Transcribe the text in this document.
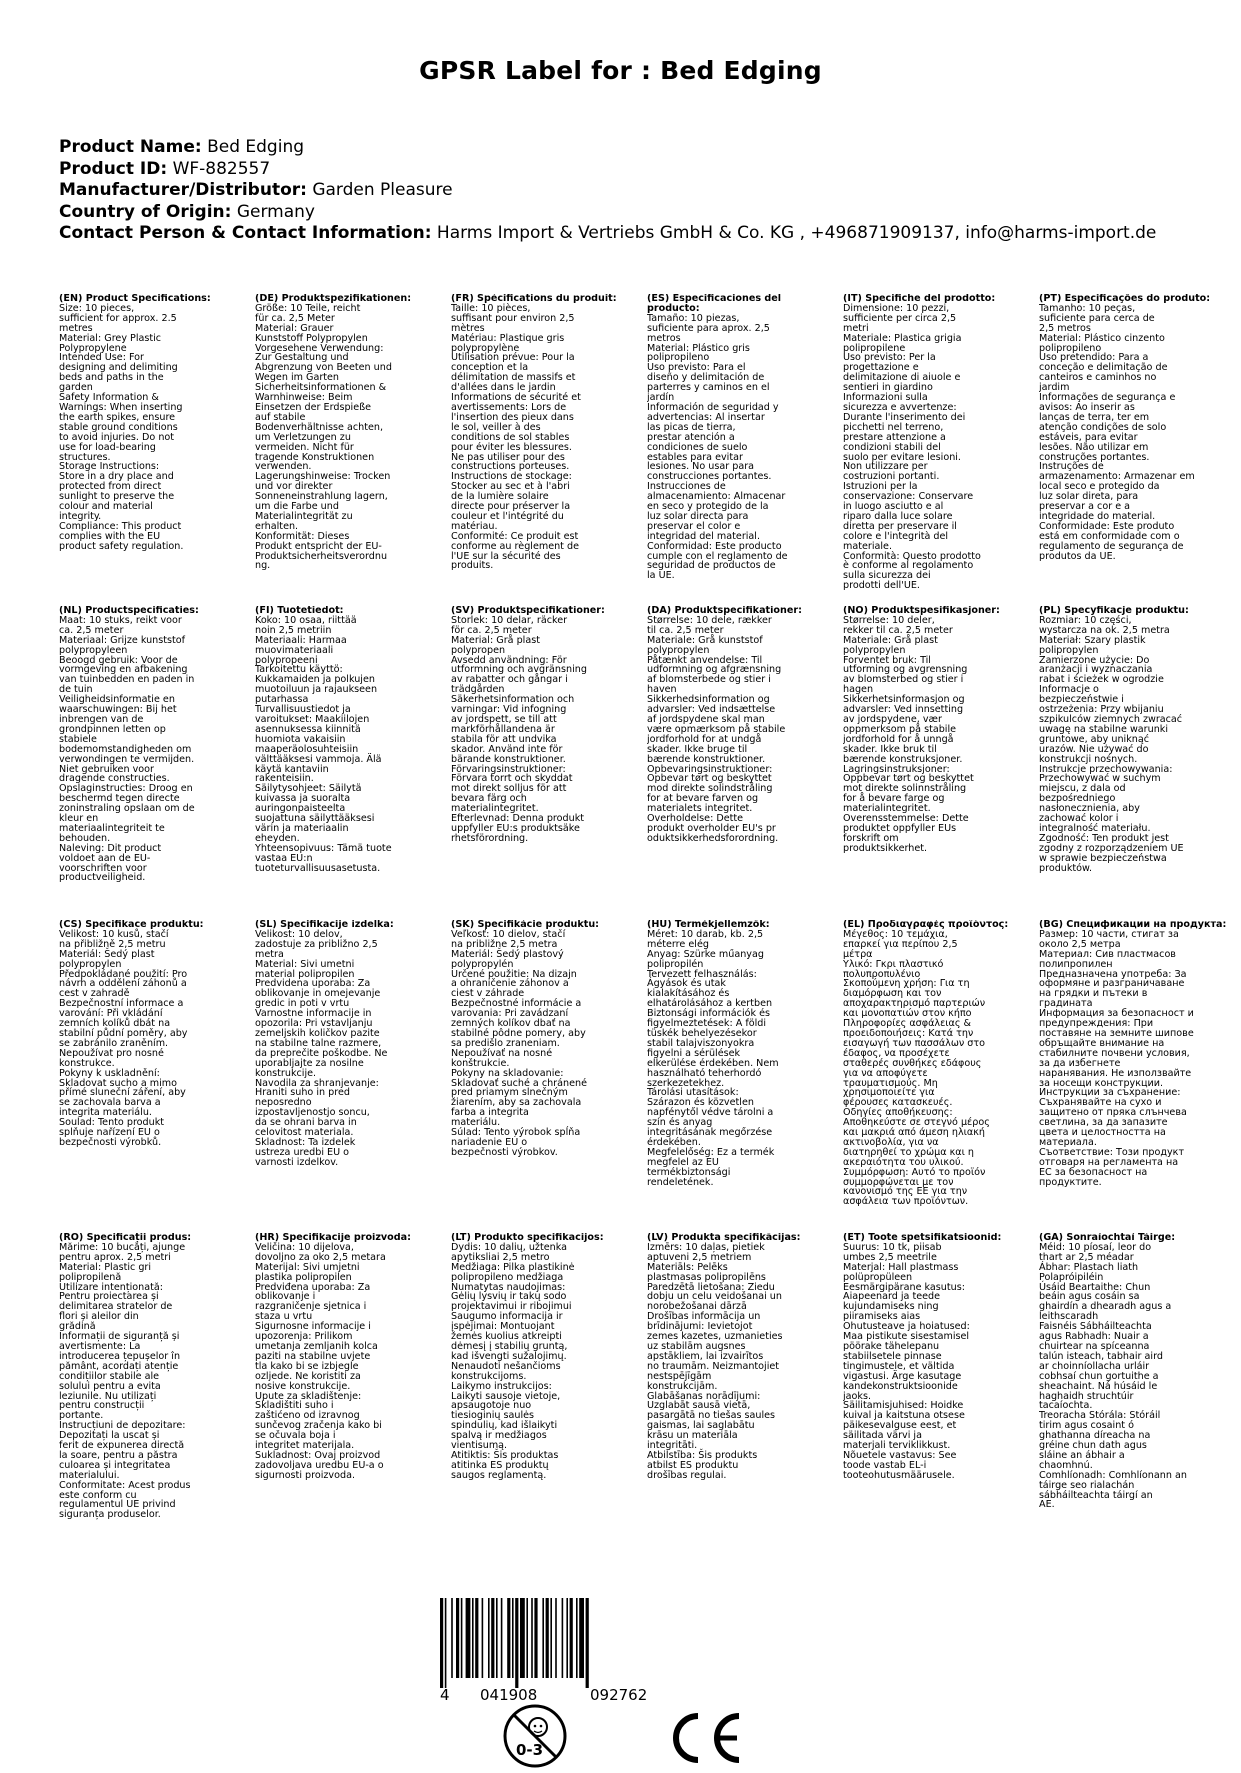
GPSR Label for : Bed Edging
Product Name: Bed Edging
Product ID: WF-882557
Manufacturer/Distributor: Garden Pleasure
Country of Origin: Germany
Contact Person & Contact Information: Harms Import & Vertriebs GmbH & Co. KG , +496871909137, info@harms-import.de
(EN) Product Specifications:
Size: 10 pieces,
sufficient for approx. 2.5
metres
Material: Grey Plastic
Polypropylene
Intended Use: For
designing and delimiting
beds and paths in the
garden
Safety Information &
Warnings: When inserting
the earth spikes, ensure
stable ground conditions
to avoid injuries. Do not
use for load-bearing
structures.
Storage Instructions:
Store in a dry place and
protected from direct
sunlight to preserve the
colour and material
integrity.
Compliance: This product
complies with the EU
product safety regulation.
(DE) Produktspezifikationen:
Größe: 10 Teile, reicht
für ca. 2,5 Meter
Material: Grauer
Kunststoff Polypropylen
Vorgesehene Verwendung:
Zur Gestaltung und
Abgrenzung von Beeten und
Wegen im Garten
Sicherheitsinformationen &
Warnhinweise: Beim
Einsetzen der Erdspieße
auf stabile
Bodenverhältnisse achten,
um Verletzungen zu
vermeiden. Nicht für
tragende Konstruktionen
verwenden.
Lagerungshinweise: Trocken
und vor direkter
Sonneneinstrahlung lagern,
um die Farbe und
Materialintegrität zu
erhalten.
Konformität: Dieses
Produkt entspricht der EU-
Produktsicherheitsverordnu
ng.
(FR) Spécifications du produit:
Taille: 10 pièces,
suffisant pour environ 2,5
mètres
Matériau: Plastique gris
polypropylène
Utilisation prévue: Pour la
conception et la
délimitation de massifs et
d'allées dans le jardin
Informations de sécurité et
avertissements: Lors de
l'insertion des pieux dans
le sol, veiller à des
conditions de sol stables
pour éviter les blessures.
Ne pas utiliser pour des
constructions porteuses.
Instructions de stockage:
Stocker au sec et à l'abri
de la lumière solaire
directe pour préserver la
couleur et l'intégrité du
matériau.
Conformité: Ce produit est
conforme au règlement de
l'UE sur la sécurité des
produits.
(ES) Especificaciones del producto:
Tamaño: 10 piezas,
suficiente para aprox. 2,5
metros
Material: Plástico gris
polipropileno
Uso previsto: Para el
diseño y delimitación de
parterres y caminos en el
jardín
Información de seguridad y
advertencias: Al insertar
las picas de tierra,
prestar atención a
condiciones de suelo
estables para evitar
lesiones. No usar para
construcciones portantes.
Instrucciones de
almacenamiento: Almacenar
en seco y protegido de la
luz solar directa para
preservar el color e
integridad del material.
Conformidad: Este producto
cumple con el reglamento de
seguridad de productos de
la UE.
(IT) Specifiche del prodotto:
Dimensione: 10 pezzi,
sufficiente per circa 2,5
metri
Materiale: Plastica grigia
polipropilene
Uso previsto: Per la
progettazione e
delimitazione di aiuole e
sentieri in giardino
Informazioni sulla
sicurezza e avvertenze:
Durante l'inserimento dei
picchetti nel terreno,
prestare attenzione a
condizioni stabili del
suolo per evitare lesioni.
Non utilizzare per
costruzioni portanti.
Istruzioni per la
conservazione: Conservare
in luogo asciutto e al
riparo dalla luce solare
diretta per preservare il
colore e l'integrità del
materiale.
Conformità: Questo prodotto
è conforme al regolamento
sulla sicurezza dei
prodotti dell'UE.
(PT) Especificações do produto:
Tamanho: 10 peças,
suficiente para cerca de
2,5 metros
Material: Plástico cinzento
polipropileno
Uso pretendido: Para a
conceção e delimitação de
canteiros e caminhos no
jardim
Informações de segurança e
avisos: Ao inserir as
lanças de terra, ter em
atenção condições de solo
estáveis, para evitar
lesões. Não utilizar em
construções portantes.
Instruções de
armazenamento: Armazenar em
local seco e protegido da
luz solar direta, para
preservar a cor e a
integridade do material.
Conformidade: Este produto
está em conformidade com o
regulamento de segurança de
produtos da UE.
(NL) Productspecificaties:
Maat: 10 stuks, reikt voor
ca. 2,5 meter
Materiaal: Grijze kunststof
polypropyleen
Beoogd gebruik: Voor de
vormgeving en afbakening
van tuinbedden en paden in
de tuin
Veiligheidsinformatie en
waarschuwingen: Bij het
inbrengen van de
grondpinnen letten op
stabiele
bodemomstandigheden om
verwondingen te vermijden.
Niet gebruiken voor
dragende constructies.
Opslaginstructies: Droog en
beschermd tegen directe
zoninstraling opslaan om de
kleur en
materiaalintegriteit te
behouden.
Naleving: Dit product
voldoet aan de EU-
voorschriften voor
productveiligheid.
(FI) Tuotetiedot:
Koko: 10 osaa, riittää
noin 2,5 metriin
Materiaali: Harmaa
muovimateriaali
polypropeeni
Tarkoitettu käyttö:
Kukkamaiden ja polkujen
muotoiluun ja rajaukseen
putarhassa
Turvallisuustiedot ja
varoitukset: Maakiilojen
asennuksessa kiinnitä
huomiota vakaisiin
maaperäolosuhteisiin
välttääksesi vammoja. Älä
käytä kantaviin
rakenteisiin.
Säilytysohjeet: Säilytä
kuivassa ja suoralta
auringonpaisteelta
suojattuna säilyttääksesi
värin ja materiaalin
eheyden.
Yhteensopivuus: Tämä tuote
vastaa EU:n
tuoteturvallisuusasetusta.
(SV) Produktspecifikationer:
Storlek: 10 delar, räcker
för ca. 2,5 meter
Material: Grå plast
polypropen
Avsedd användning: För
utformning och avgränsning
av rabatter och gångar i
trädgården
Säkerhetsinformation och
varningar: Vid infogning
av jordspett, se till att
markförhållandena är
stabila för att undvika
skador. Använd inte för
bärande konstruktioner.
Förvaringsinstruktioner:
Förvara torrt och skyddat
mot direkt solljus för att
bevara färg och
materialintegritet.
Efterlevnad: Denna produkt
uppfyller EU:s produktsäke
rhetsförordning.
(DA) Produktspecifikationer:
Størrelse: 10 dele, rækker
til ca. 2,5 meter
Materiale: Grå kunststof
polypropylen
Påtænkt anvendelse: Til
udformning og afgrænsning
af blomsterbede og stier i
haven
Sikkerhedsinformation og
advarsler: Ved indsættelse
af jordspydene skal man
være opmærksom på stabile
jordforhold for at undgå
skader. Ikke bruge til
bærende konstruktioner.
Opbevaringsinstruktioner:
Opbevar tørt og beskyttet
mod direkte solindstråling
for at bevare farven og
materialets integritet.
Overholdelse: Dette
produkt overholder EU's pr
oduktsikkerhedsforordning.
(NO) Produktspesifikasjoner:
Størrelse: 10 deler,
rekker til ca. 2,5 meter
Materiale: Grå plast
polypropylen
Forventet bruk: Til
utforming og avgrensning
av blomsterbed og stier i
hagen
Sikkerhetsinformasjon og
advarsler: Ved innsetting
av jordspydene, vær
oppmerksom på stabile
jordforhold for å unngå
skader. Ikke bruk til
bærende konstruksjoner.
Lagringsinstruksjoner:
Oppbevar tørt og beskyttet
mot direkte solinnstråling
for å bevare farge og
materialintegritet.
Overensstemmelse: Dette
produktet oppfyller EUs
forskrift om
produktsikkerhet.
(PL) Specyfikacje produktu:
Rozmiar: 10 części,
wystarcza na ok. 2,5 metra
Materiał: Szary plastik
polipropylen
Zamierzone użycie: Do
aranżacji i wyznaczania
rabat i ścieżek w ogrodzie
Informacje o
bezpieczeństwie i
ostrzeżenia: Przy wbijaniu
szpikulców ziemnych zwracać
uwagę na stabilne warunki
gruntowe, aby uniknąć
urazów. Nie używać do
konstrukcji nośnych.
Instrukcje przechowywania:
Przechowywać w suchym
miejscu, z dala od
bezpośredniego
nasłonecznienia, aby
zachować kolor i
integralność materiału.
Zgodność: Ten produkt jest
zgodny z rozporządzeniem UE
w sprawie bezpieczeństwa
produktów.
(CS) Specifikace produktu:
Velikost: 10 kusů, stačí
na přibližně 2,5 metru
Materiál: Šedý plast
polypropylen
Předpokládané použití: Pro
návrh a oddělení záhonů a
cest v zahradě
Bezpečnostní informace a
varování: Při vkládání
zemních kolíků dbát na
stabilní půdní poměry, aby
se zabránilo zraněním.
Nepoužívat pro nosné
konstrukce.
Pokyny k uskladnění:
Skladovat sucho a mimo
přímé sluneční záření, aby
se zachovala barva a
integrita materiálu.
Soulad: Tento produkt
splňuje nařízení EU o
bezpečnosti výrobků.
(SL) Specifikacije izdelka:
Velikost: 10 delov,
zadostuje za približno 2,5
metra
Material: Sivi umetni
material polipropilen
Predvidena uporaba: Za
oblikovanje in omejevanje
gredic in poti v vrtu
Varnostne informacije in
opozorila: Pri vstavljanju
zemeljskih količkov pazite
na stabilne talne razmere,
da preprečite poškodbe. Ne
uporabljajte za nosilne
konstrukcije.
Navodila za shranjevanje:
Hraniti suho in pred
neposredno
izpostavljenostjo soncu,
da se ohrani barva in
celovitost materiala.
Skladnost: Ta izdelek
ustreza uredbi EU o
varnosti izdelkov.
(SK) Špecifikácie produktu:
Veľkosť: 10 dielov, stačí
na približne 2,5 metra
Materiál: Šedý plastový
polypropylén
Určené použitie: Na dizajn
a ohraničenie záhonov a
ciest v záhrade
Bezpečnostné informácie a
varovania: Pri zavádzaní
zemných kolíkov dbať na
stabilné pôdne pomery, aby
sa predišlo zraneniam.
Nepoužívať na nosné
konštrukcie.
Pokyny na skladovanie:
Skladovať suché a chránené
pred priamym slnečným
žiarením, aby sa zachovala
farba a integrita
materiálu.
Súlad: Tento výrobok spĺňa
nariadenie EÚ o
bezpečnosti výrobkov.
(HU) Termékjellemzők:
Méret: 10 darab, kb. 2,5
méterre elég
Anyag: Szürke műanyag
polipropilén
Tervezett felhasználás:
Ágyások és utak
kialakításához és
elhatárolásához a kertben
Biztonsági információk és
figyelmeztetések: A földi
tüskék behelyezésekor
stabil talajviszonyokra
figyelni a sérülések
elkerülése érdekében. Nem
használható teherhordó
szerkezetekhez.
Tárolási utasítások:
Szárazon és közvetlen
napfénytől védve tárolni a
szín és anyag
integritásának megőrzése
érdekében.
Megfelelőség: Ez a termék
megfelel az EU
termékbiztonsági
rendeletének.
(EL) Προδιαγραφές προϊόντος:
Μέγεθος: 10 τεμάχια,
επαρκεί για περίπου 2,5
μέτρα
Υλικό: Γκρι πλαστικό
πολυπροπυλένιο
Σκοπούμενη χρήση: Για τη
διαμόρφωση και τον
αποχαρακτηρισμό παρτεριών
και μονοπατιών στον κήπο
Πληροφορίες ασφάλειας &
προειδοποιήσεις: Κατά την
εισαγωγή των πασσάλων στο
έδαφος, να προσέχετε
σταθερές συνθήκες εδάφους
για να αποφύγετε
τραυματισμούς. Μη
χρησιμοποιείτε για
φέρουσες κατασκευές.
Οδηγίες αποθήκευσης:
Αποθηκεύστε σε στεγνό μέρος
και μακριά από άμεση ηλιακή
ακτινοβολία, για να
διατηρηθεί το χρώμα και η
ακεραιότητα του υλικού.
Συμμόρφωση: Αυτό το προϊόν
συμμορφώνεται με τον
κανονισμό της ΕΕ για την
ασφάλεια των προϊόντων.
(BG) Спецификации на продукта:
Размер: 10 части, стигат за
около 2,5 метра
Материал: Сив пластмасов
полипропилен
Предназначена употреба: За
оформяне и разграничаване
на грядки и пътеки в
градината
Информация за безопасност и
предупреждения: При
поставяне на земните шипове
обръщайте внимание на
стабилните почвени условия,
за да избегнете
наранявания. Не използвайте
за носещи конструкции.
Инструкции за съхранение:
Съхранявайте на сухо и
защитено от пряка слънчева
светлина, за да запазите
цвета и целостността на
материала.
Съответствие: Този продукт
отговаря на регламента на
ЕС за безопасност на
продуктите.
(RO) Specificații produs:
Mărime: 10 bucăți, ajunge
pentru aprox. 2,5 metri
Material: Plastic gri
polipropilenă
Utilizare intenționată:
Pentru proiectarea și
delimitarea stratelor de
flori și aleilor din
grădină
Informații de siguranță și
avertismente: La
introducerea țepușelor în
pământ, acordați atenție
condițiilor stabile ale
solului pentru a evita
leziunile. Nu utilizați
pentru construcții
portante.
Instrucțiuni de depozitare:
Depozitați la uscat și
ferit de expunerea directă
la soare, pentru a păstra
culoarea și integritatea
materialului.
Conformitate: Acest produs
este conform cu
regulamentul UE privind
siguranța produselor.
(HR) Specifikacije proizvoda:
Veličina: 10 dijelova,
dovoljno za oko 2,5 metara
Materijal: Sivi umjetni
plastika polipropilen
Predviđena uporaba: Za
oblikovanje i
razgraničenje sjetnica i
staza u vrtu
Sigurnosne informacije i
upozorenja: Prilikom
umetanja zemljanih kolca
paziti na stabilne uvjete
tla kako bi se izbjegle
ozljede. Ne koristiti za
nosive konstrukcije.
Upute za skladištenje:
Skladištiti suho i
zaštićeno od izravnog
sunčevog zračenja kako bi
se očuvala boja i
integritet materijala.
Sukladnost: Ovaj proizvod
zadovoljava uredbu EU-a o
sigurnosti proizvoda.
(LT) Produkto specifikacijos:
Dydis: 10 dalių, užtenka
apytiksliai 2,5 metro
Medžiaga: Pilka plastikinė
polipropileno medžiaga
Numatytas naudojimas:
Gėlių lysvių ir takų sodo
projektavimui ir ribojimui
Saugumo informacija ir
įspėjimai: Montuojant
žemės kuolius atkreipti
dėmesį į stabilių gruntą,
kad išvengti sužalojimų.
Nenaudoti nešančioms
konstrukcijoms.
Laikymo instrukcijos:
Laikyti sausoje vietoje,
apsaugotoje nuo
tiesioginių saulės
spindulių, kad išlaikyti
spalvą ir medžiagos
vientisumą.
Atitiktis: Šis produktas
atitinka ES produktų
saugos reglamentą.
(LV) Produkta specifikācijas:
Izmērs: 10 daļas, pietiek
aptuveni 2,5 metriem
Materiāls: Pelēks
plastmasas polipropilēns
Paredzētā lietošana: Ziedu
dobju un celu veidošanai un
norobežošanai dārzā
Drošības informācija un
brīdinājumi: Ievietojot
zemes kazetes, uzmanieties
uz stabilām augsnes
apstākliem, lai izvairītos
no traumām. Neizmantojiet
nestspējīgām
konstrukcijām.
Glabāšanas norādījumi:
Uzglabāt sausā vietā,
pasargātā no tiešas saules
gaismas, lai saglabātu
krāsu un materiāla
integritāti.
Atbilstība: Šis produkts
atbilst ES produktu
drošības regulai.
(ET) Toote spetsifikatsioonid:
Suurus: 10 tk, piisab
umbes 2,5 meetrile
Materjal: Hall plastmass
polüpropüleen
Eesmärgipärane kasutus:
Aiapeenard ja teede
kujundamiseks ning
piiramiseks aias
Ohutusteave ja hoiatused:
Maa pistikute sisestamisel
pöörake tähelepanu
stabiilsetele pinnase
tingimustele, et vältida
vigastusi. Ärge kasutage
kandekonstruktsioonide
jaoks.
Säilitamisjuhised: Hoidke
kuival ja kaitstuna otsese
päikesevalguse eest, et
säilitada värvi ja
materjali terviklikkust.
Nõuetele vastavus: See
toode vastab EL-i
tooteohutusmäärusele.
(GA) Sonraíochtaí Táirge:
Méid: 10 píosaí, leor do
thart ar 2,5 méadar
Ábhar: Plastach liath
Polapróipiléin
Úsáid Beartaithe: Chun
beáin agus cosáin sa
ghairdín a dhearadh agus a
leithscaradh
Faisnéis Sábháilteachta
agus Rabhadh: Nuair a
chuirtear na spíceanna
talún isteach, tabhair aird
ar choinníollacha urláir
cobhsaí chun gortuithe a
sheachaint. Ná húsáid le
haghaidh struchtúir
tacaíochta.
Treoracha Stórála: Stóráil
tirim agus cosaint ó
ghathanna díreacha na
gréine chun dath agus
sláine an ábhair a
chaomhnú.
Comhlíonadh: Comhlíonann an
táirge seo rialachán
sábháilteachta táirgí an
AE.
4 041908	092762
0-3
